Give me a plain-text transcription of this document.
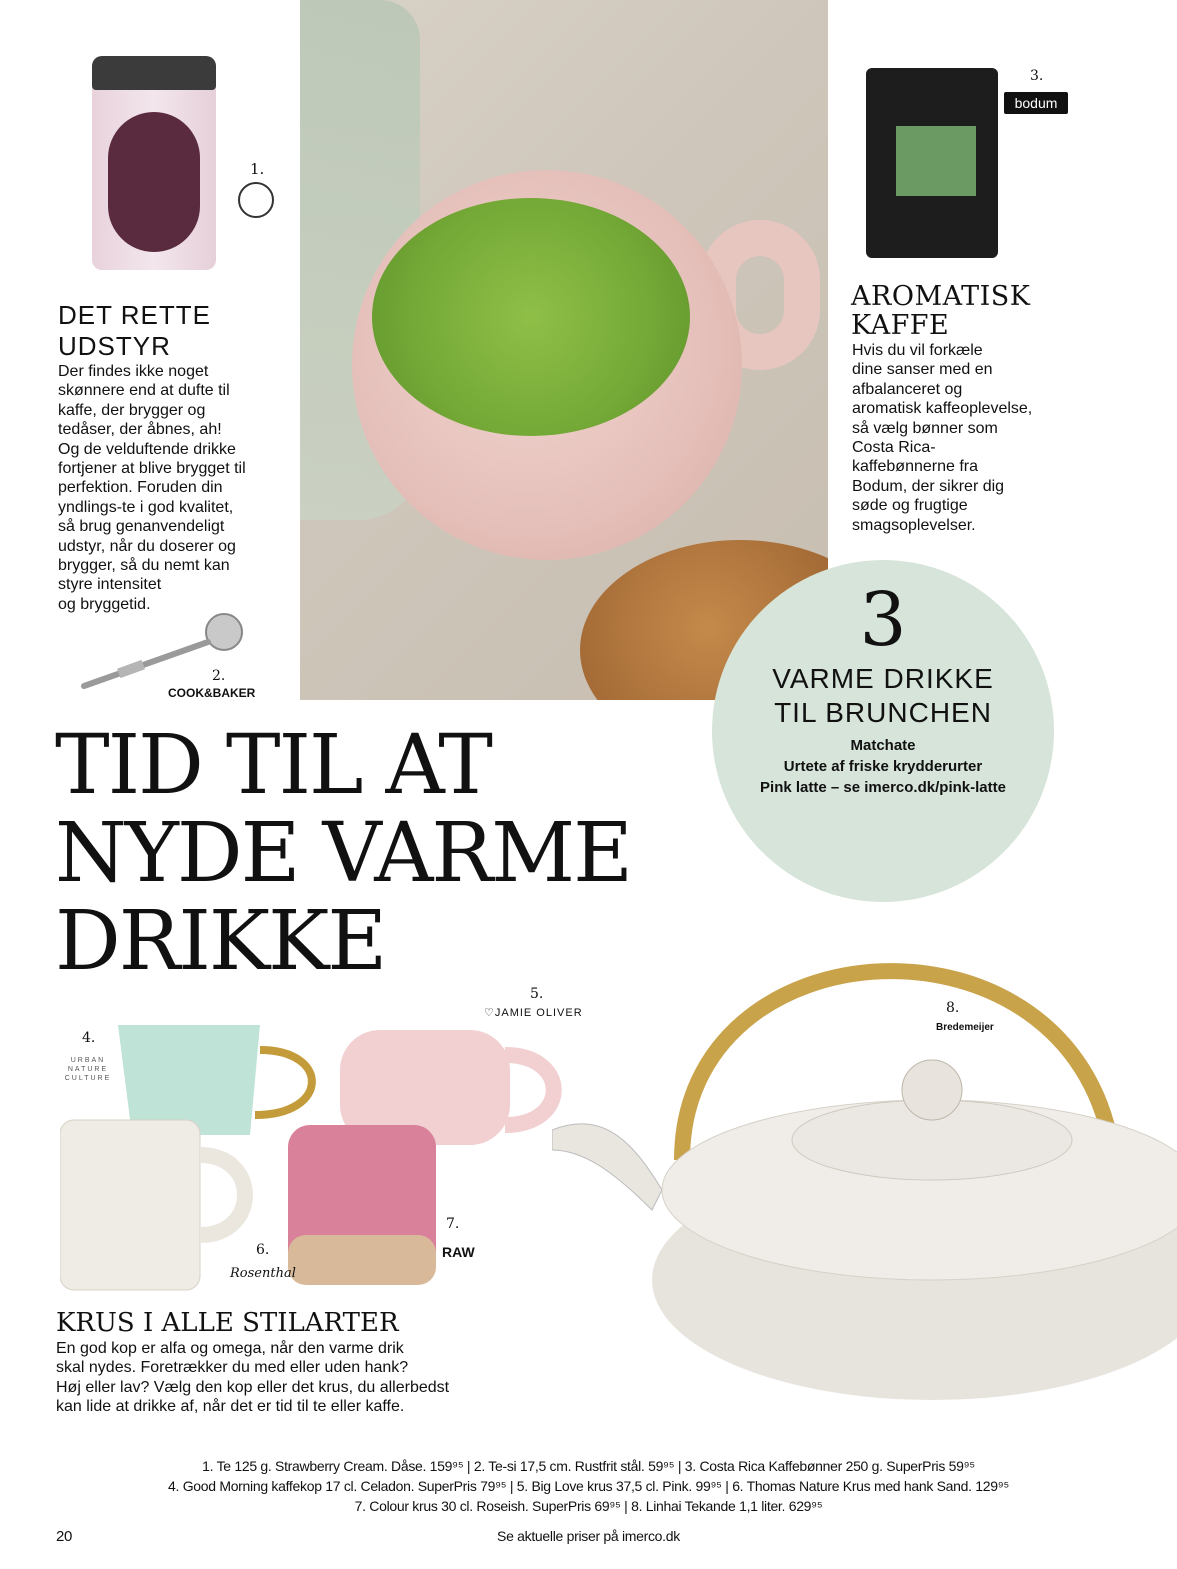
1.
DET RETTE
UDSTYR
Der findes ikke noget
skønnere end at dufte til
kaffe, der brygger og
tedåser, der åbnes, ah!
Og de velduftende drikke
fortjener at blive brygget til
perfektion. Foruden din
yndlings-te i god kvalitet,
så brug genanvendeligt
udstyr, når du doserer og
brygger, så du nemt kan
styre intensitet
og bryggetid.
2.
COOK&BAKER
3.
bodum
AROMATISK
KAFFE
Hvis du vil forkæle
dine sanser med en
afbalanceret og
aromatisk kaffeoplevelse,
så vælg bønner som
Costa Rica-
kaffebønnerne fra
Bodum, der sikrer dig
søde og frugtige
smagsoplevelser.
3
VARME DRIKKE
TIL BRUNCHEN
Matchate
Urtete af friske krydderurter
Pink latte – se imerco.dk/pink-latte
TID TIL AT
NYDE VARME
DRIKKE
8.
Bredemeijer
4.
URBAN NATURE CULTURE
5.
♡JAMIE OLIVER
6.
Rosenthal
7.
RAW
KRUS I ALLE STILARTER
En god kop er alfa og omega, når den varme drik
skal nydes. Foretrækker du med eller uden hank?
Høj eller lav? Vælg den kop eller det krus, du allerbedst
kan lide at drikke af, når det er tid til te eller kaffe.
1. Te 125 g. Strawberry Cream. Dåse. 159⁹⁵ | 2. Te-si 17,5 cm. Rustfrit stål. 59⁹⁵ | 3. Costa Rica Kaffebønner 250 g. SuperPris 59⁹⁵
4. Good Morning kaffekop 17 cl. Celadon. SuperPris 79⁹⁵ | 5. Big Love krus 37,5 cl. Pink. 99⁹⁵ | 6. Thomas Nature Krus med hank Sand. 129⁹⁵
7. Colour krus 30 cl. Roseish. SuperPris 69⁹⁵ | 8. Linhai Tekande 1,1 liter. 629⁹⁵
20	Se aktuelle priser på imerco.dk
